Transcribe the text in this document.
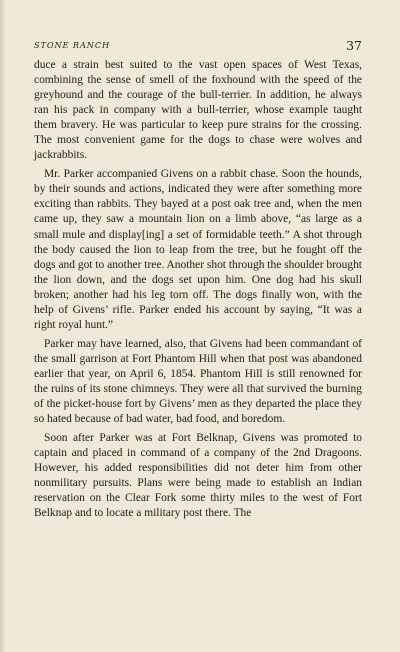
STONE RANCH	37

duce a strain best suited to the vast open spaces of West Texas, combining the sense of smell of the foxhound with the speed of the greyhound and the courage of the bull-terrier. In addition, he always ran his pack in company with a bull-terrier, whose example taught them bravery. He was particular to keep pure strains for the crossing. The most convenient game for the dogs to chase were wolves and jackrabbits.

Mr. Parker accompanied Givens on a rabbit chase. Soon the hounds, by their sounds and actions, indicated they were after something more exciting than rabbits. They bayed at a post oak tree and, when the men came up, they saw a mountain lion on a limb above, “as large as a small mule and display[ing] a set of formidable teeth.” A shot through the body caused the lion to leap from the tree, but he fought off the dogs and got to another tree. Another shot through the shoulder brought the lion down, and the dogs set upon him. One dog had his skull broken; another had his leg torn off. The dogs finally won, with the help of Givens’ rifle. Parker ended his account by saying, “It was a right royal hunt.”

Parker may have learned, also, that Givens had been commandant of the small garrison at Fort Phantom Hill when that post was abandoned earlier that year, on April 6, 1854. Phantom Hill is still renowned for the ruins of its stone chimneys. They were all that survived the burning of the picket-house fort by Givens’ men as they departed the place they so hated because of bad water, bad food, and boredom.

Soon after Parker was at Fort Belknap, Givens was promoted to captain and placed in command of a company of the 2nd Dragoons. However, his added responsibilities did not deter him from other nonmilitary pursuits. Plans were being made to establish an Indian reservation on the Clear Fork some thirty miles to the west of Fort Belknap and to locate a military post there. The
